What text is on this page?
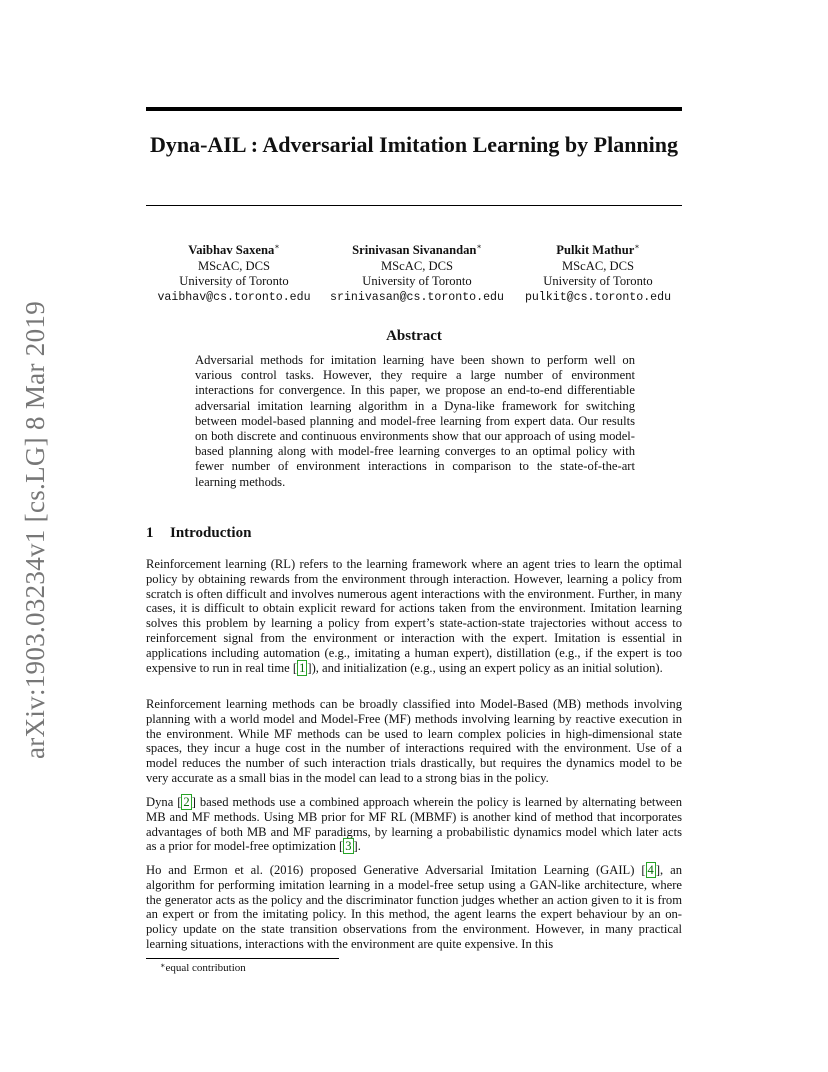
arXiv:1903.03234v1 [cs.LG] 8 Mar 2019
Dyna-AIL : Adversarial Imitation Learning by Planning
Vaibhav Saxena∗
MScAC, DCS
University of Toronto
vaibhav@cs.toronto.edu
Srinivasan Sivanandan∗
MScAC, DCS
University of Toronto
srinivasan@cs.toronto.edu
Pulkit Mathur∗
MScAC, DCS
University of Toronto
pulkit@cs.toronto.edu
Abstract

Adversarial methods for imitation learning have been shown to perform well on various control tasks. However, they require a large number of environment interactions for convergence. In this paper, we propose an end-to-end differentiable adversarial imitation learning algorithm in a Dyna-like framework for switching between model-based planning and model-free learning from expert data. Our results on both discrete and continuous environments show that our approach of using model-based planning along with model-free learning converges to an optimal policy with fewer number of environment interactions in comparison to the state-of-the-art learning methods.

1 Introduction

Reinforcement learning (RL) refers to the learning framework where an agent tries to learn the optimal policy by obtaining rewards from the environment through interaction. However, learning a policy from scratch is often difficult and involves numerous agent interactions with the environment. Further, in many cases, it is difficult to obtain explicit reward for actions taken from the environment. Imitation learning solves this problem by learning a policy from expert’s state-action-state trajectories without access to reinforcement signal from the environment or interaction with the expert. Imitation is essential in applications including automation (e.g., imitating a human expert), distillation (e.g., if the expert is too expensive to run in real time [ 1 ]), and initialization (e.g., using an expert policy as an initial solution).

Reinforcement learning methods can be broadly classified into Model-Based (MB) methods involving planning with a world model and Model-Free (MF) methods involving learning by reactive execution in the environment. While MF methods can be used to learn complex policies in high-dimensional state spaces, they incur a huge cost in the number of interactions required with the environment. Use of a model reduces the number of such interaction trials drastically, but requires the dynamics model to be very accurate as a small bias in the model can lead to a strong bias in the policy.

Dyna [ 2 ] based methods use a combined approach wherein the policy is learned by alternating between MB and MF methods. Using MB prior for MF RL (MBMF) is another kind of method that incorporates advantages of both MB and MF paradigms, by learning a probabilistic dynamics model which later acts as a prior for model-free optimization [ 3 ].

Ho and Ermon et al. (2016) proposed Generative Adversarial Imitation Learning (GAIL) [ 4 ], an algorithm for performing imitation learning in a model-free setup using a GAN-like architecture, where the generator acts as the policy and the discriminator function judges whether an action given to it is from an expert or from the imitating policy. In this method, the agent learns the expert behaviour by an on-policy update on the state transition observations from the environment. However, in many practical learning situations, interactions with the environment are quite expensive. In this

∗equal contribution
